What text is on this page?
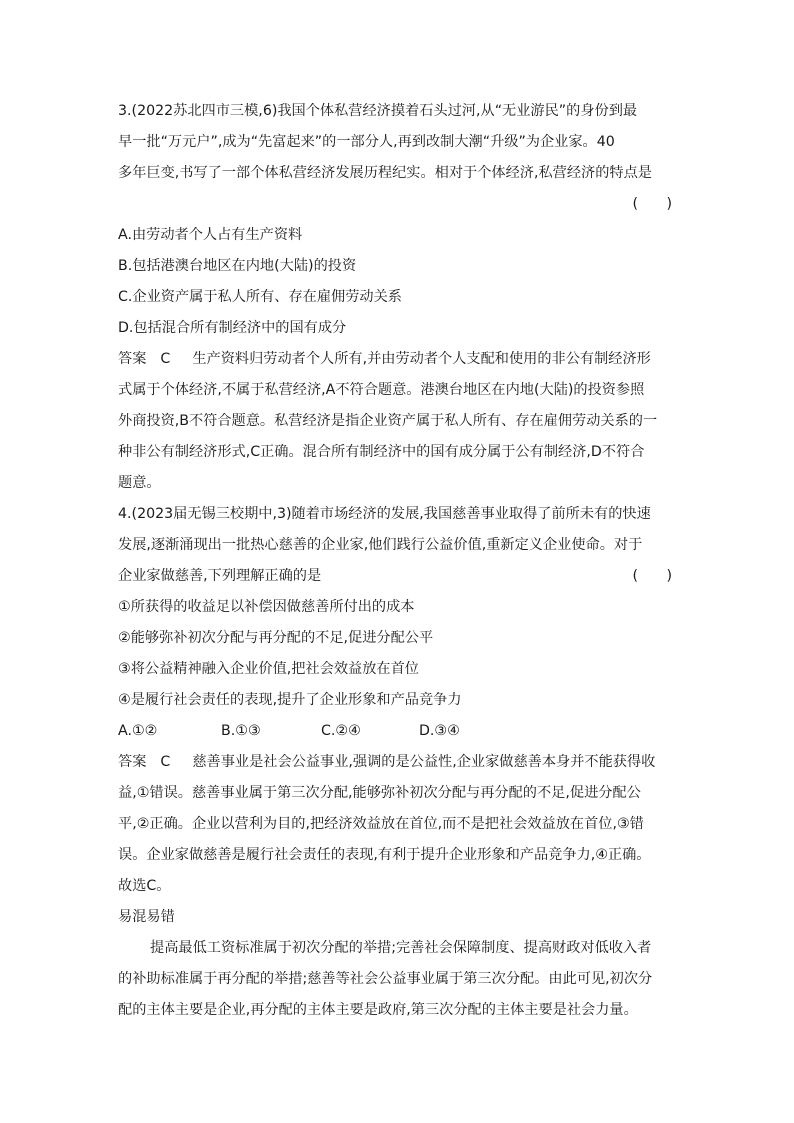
3.(2022苏北四市三模,6)我国个体私营经济摸着石头过河,从“无业游民”的身份到最
早一批“万元户”,成为“先富起来”的一部分人,再到改制大潮“升级”为企业家。40
多年巨变,书写了一部个体私营经济发展历程纪实。相对于个体经济,私营经济的特点是
(　　)
A.由劳动者个人占有生产资料
B.包括港澳台地区在内地(大陆)的投资
C.企业资产属于私人所有、存在雇佣劳动关系
D.包括混合所有制经济中的国有成分
答案 C 生产资料归劳动者个人所有,并由劳动者个人支配和使用的非公有制经济形
式属于个体经济,不属于私营经济,A不符合题意。港澳台地区在内地(大陆)的投资参照
外商投资,B不符合题意。私营经济是指企业资产属于私人所有、存在雇佣劳动关系的一
种非公有制经济形式,C正确。混合所有制经济中的国有成分属于公有制经济,D不符合
题意。
4.(2023届无锡三校期中,3)随着市场经济的发展,我国慈善事业取得了前所未有的快速
发展,逐渐涌现出一批热心慈善的企业家,他们践行公益价值,重新定义企业使命。对于
企业家做慈善,下列理解正确的是	(　　)
①所获得的收益足以补偿因做慈善所付出的成本
②能够弥补初次分配与再分配的不足,促进分配公平
③将公益精神融入企业价值,把社会效益放在首位
④是履行社会责任的表现,提升了企业形象和产品竞争力
A.①②	B.①③	C.②④	D.③④
答案 C 慈善事业是社会公益事业,强调的是公益性,企业家做慈善本身并不能获得收
益,①错误。慈善事业属于第三次分配,能够弥补初次分配与再分配的不足,促进分配公
平,②正确。企业以营利为目的,把经济效益放在首位,而不是把社会效益放在首位,③错
误。企业家做慈善是履行社会责任的表现,有利于提升企业形象和产品竞争力,④正确。
故选C。
易混易错
提高最低工资标准属于初次分配的举措;完善社会保障制度、提高财政对低收入者
的补助标准属于再分配的举措;慈善等社会公益事业属于第三次分配。由此可见,初次分
配的主体主要是企业,再分配的主体主要是政府,第三次分配的主体主要是社会力量。
